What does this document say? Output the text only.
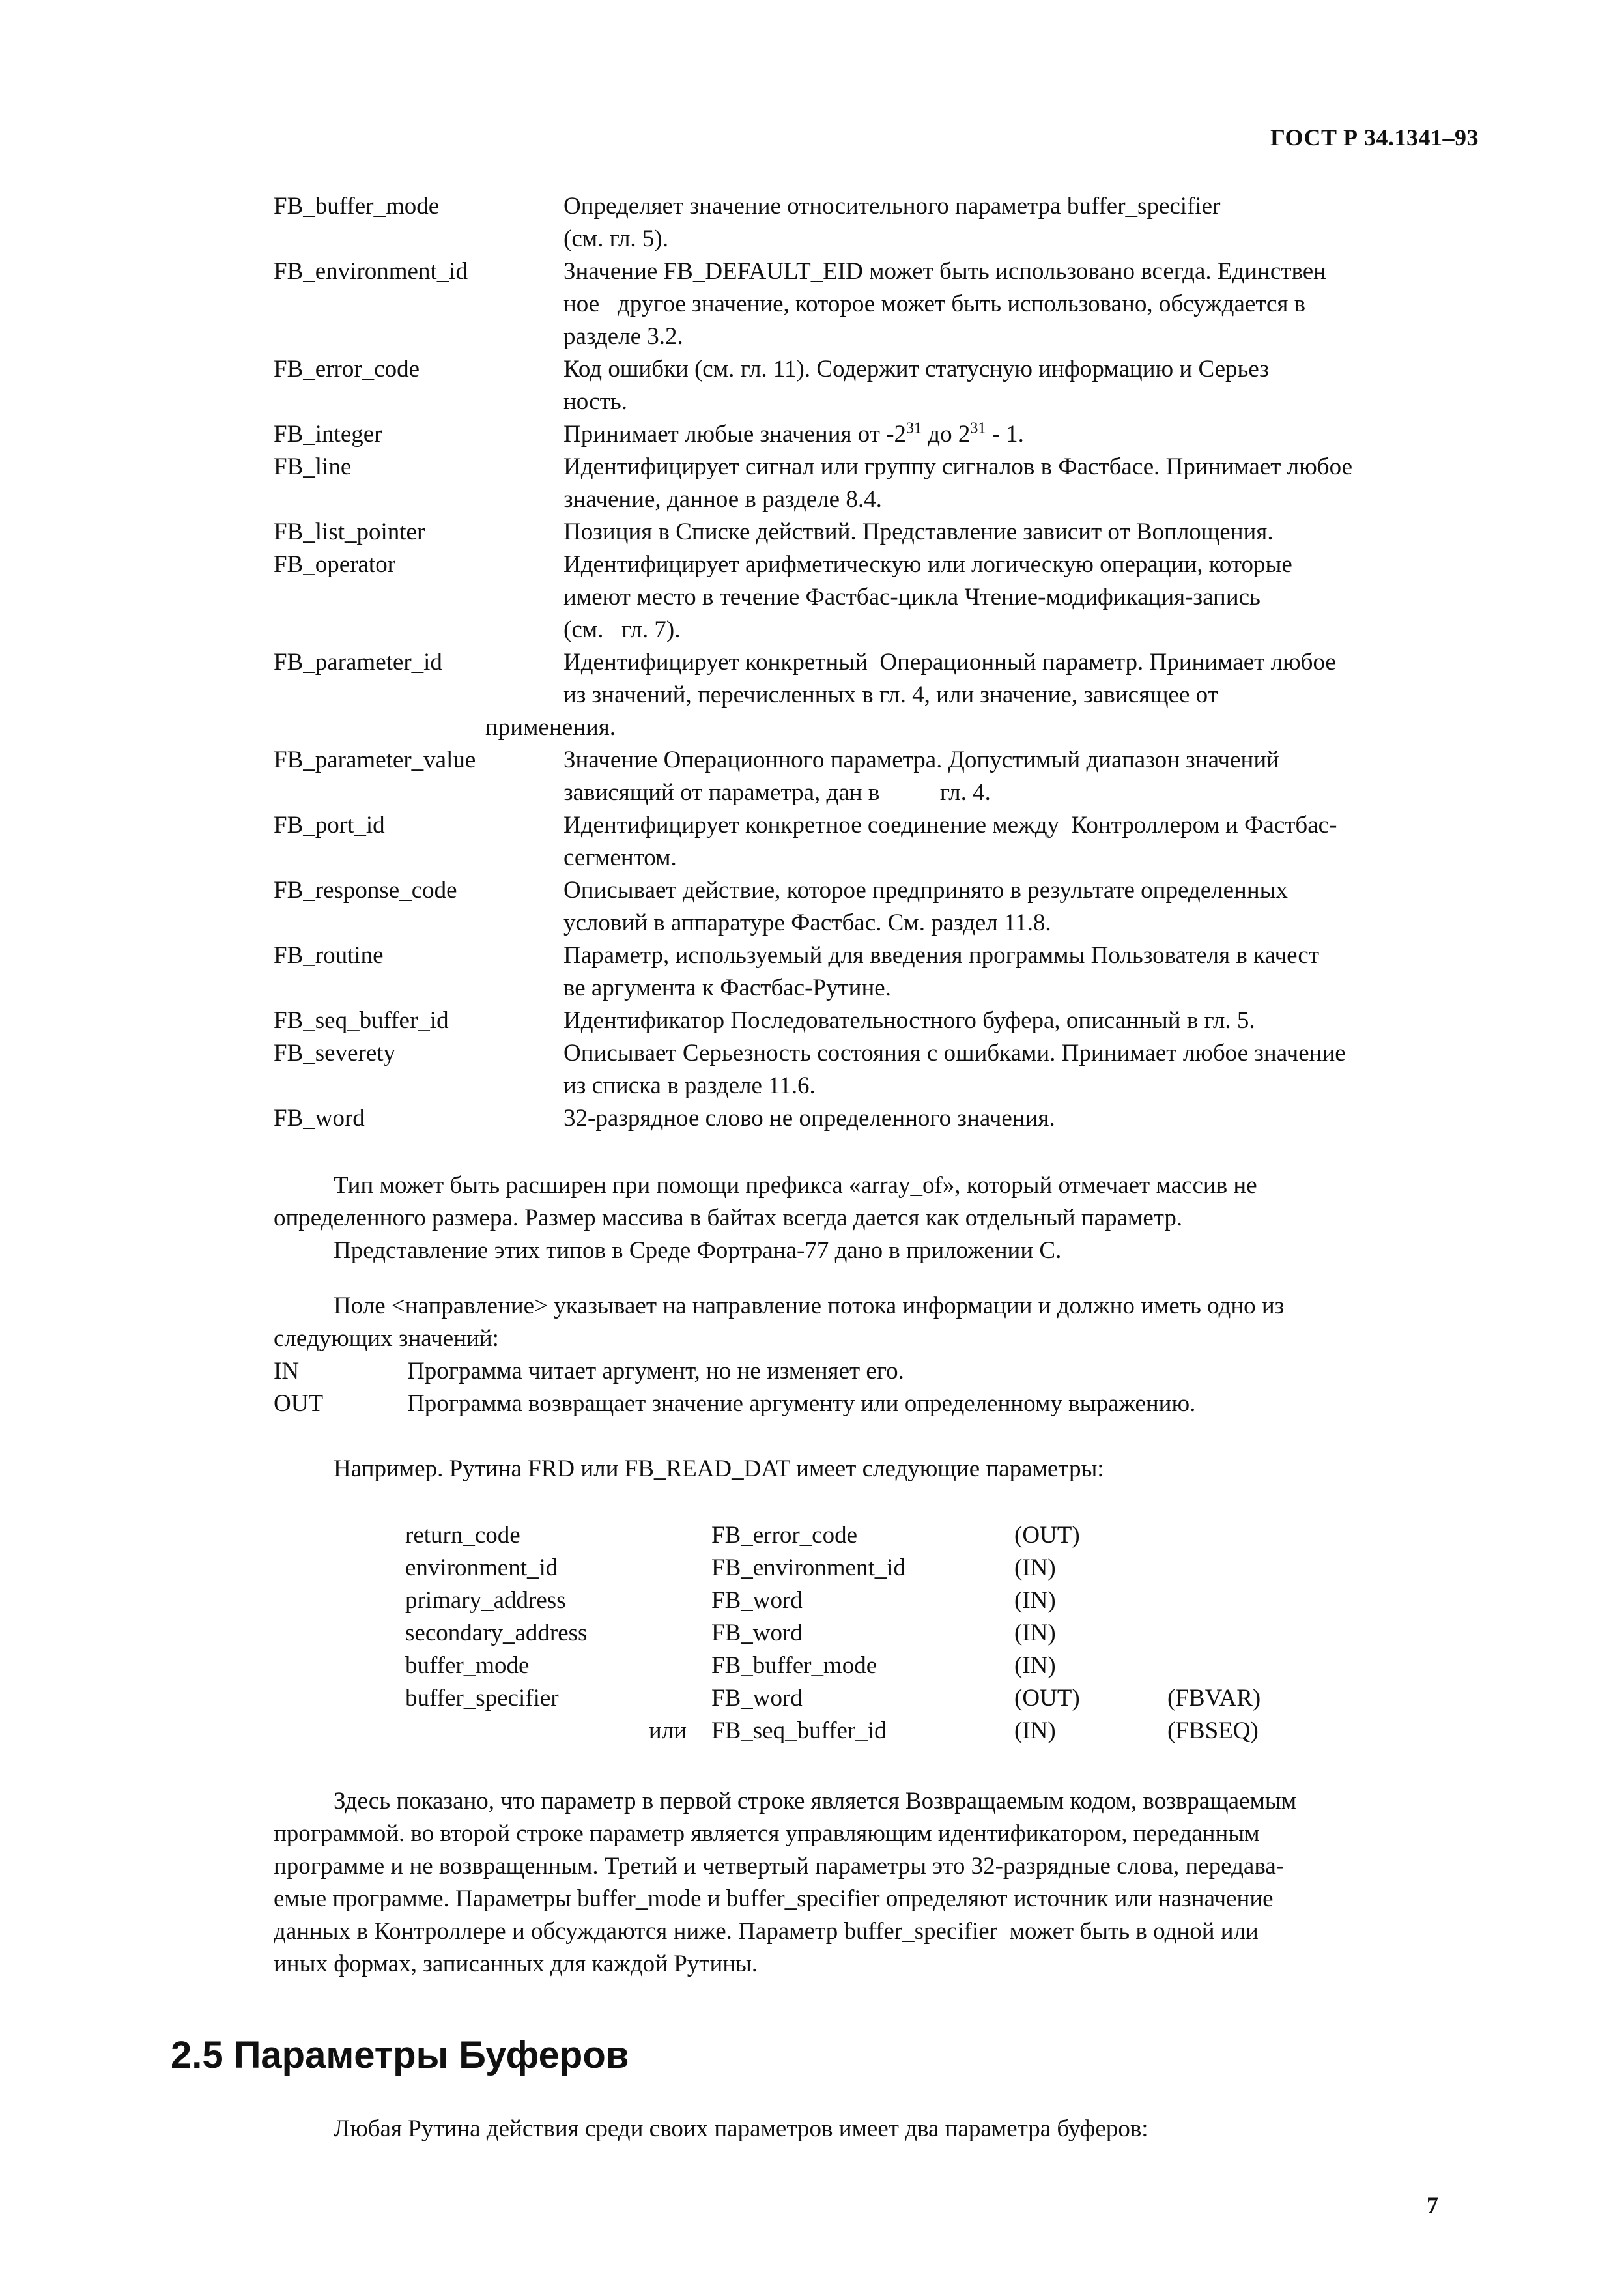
ГОСТ Р 34.1341–93
FB_buffer_mode	Определяет значение относительного параметра buffer_specifier
(см. гл. 5).
FB_environment_id	Значение FB_DEFAULT_EID может быть использовано всегда. Единствен
ное   другое значение, которое может быть использовано, обсуждается в
разделе 3.2.
FB_error_code	Код ошибки (см. гл. 11). Содержит статусную информацию и Серьез
ность.
FB_integer	Принимает любые значения от $-2^{31}$ до $2^{31} - 1$.
FB_line	Идентифицирует сигнал или группу сигналов в Фастбасе. Принимает любое
значение, данное в разделе 8.4.
FB_list_pointer	Позиция в Списке действий. Представление зависит от Воплощения.
FB_operator	Идентифицирует арифметическую или логическую операции, которые
имеют место в течение Фастбас-цикла Чтение-модификация-запись
(см.   гл. 7).
FB_parameter_id	Идентифицирует конкретный  Операционный параметр. Принимает любое
из значений, перечисленных в гл. 4, или значение, зависящее от
применения.
FB_parameter_value	Значение Операционного параметра. Допустимый диапазон значений
зависящий от параметра, дан в          гл. 4.
FB_port_id	Идентифицирует конкретное соединение между  Контроллером и Фастбас-
сегментом.
FB_response_code	Описывает действие, которое предпринято в результате определенных
условий в аппаратуре Фастбас. См. раздел 11.8.
FB_routine	Параметр, используемый для введения программы Пользователя в качест
ве аргумента к Фастбас-Рутине.
FB_seq_buffer_id	Идентификатор Последовательностного буфера, описанный в гл. 5.
FB_severety	Описывает Серьезность состояния с ошибками. Принимает любое значение
из списка в разделе 11.6.
FB_word	32-разрядное слово не определенного значения.
Тип может быть расширен при помощи префикса «array_of», который отмечает массив не
определенного размера. Размер массива в байтах всегда дается как отдельный параметр.
Представление этих типов в Среде Фортрана-77 дано в приложении С.
Поле <направление> указывает на направление потока информации и должно иметь одно из
следующих значений:
IN	Программа читает аргумент, но не изменяет его.
OUT	Программа возвращает значение аргументу или определенному выражению.
Например. Рутина FRD или FB_READ_DAT имеет следующие параметры:
return_code	FB_error_code	(OUT)
environment_id	FB_environment_id	(IN)
primary_address	FB_word	(IN)
secondary_address	FB_word	(IN)
buffer_mode	FB_buffer_mode	(IN)
buffer_specifier	FB_word	(OUT)	(FBVAR)
или	FB_seq_buffer_id	(IN)	(FBSEQ)
Здесь показано, что параметр в первой строке является Возвращаемым кодом, возвращаемым
программой. во второй строке параметр является управляющим идентификатором, переданным
программе и не возвращенным. Третий и четвертый параметры это 32-разрядные слова, передава-
емые программе. Параметры buffer_mode и buffer_specifier определяют источник или назначение
данных в Контроллере и обсуждаются ниже. Параметр buffer_specifier  может быть в одной или
иных формах, записанных для каждой Рутины.
2.5 Параметры Буферов
Любая Рутина действия среди своих параметров имеет два параметра буферов:
7
